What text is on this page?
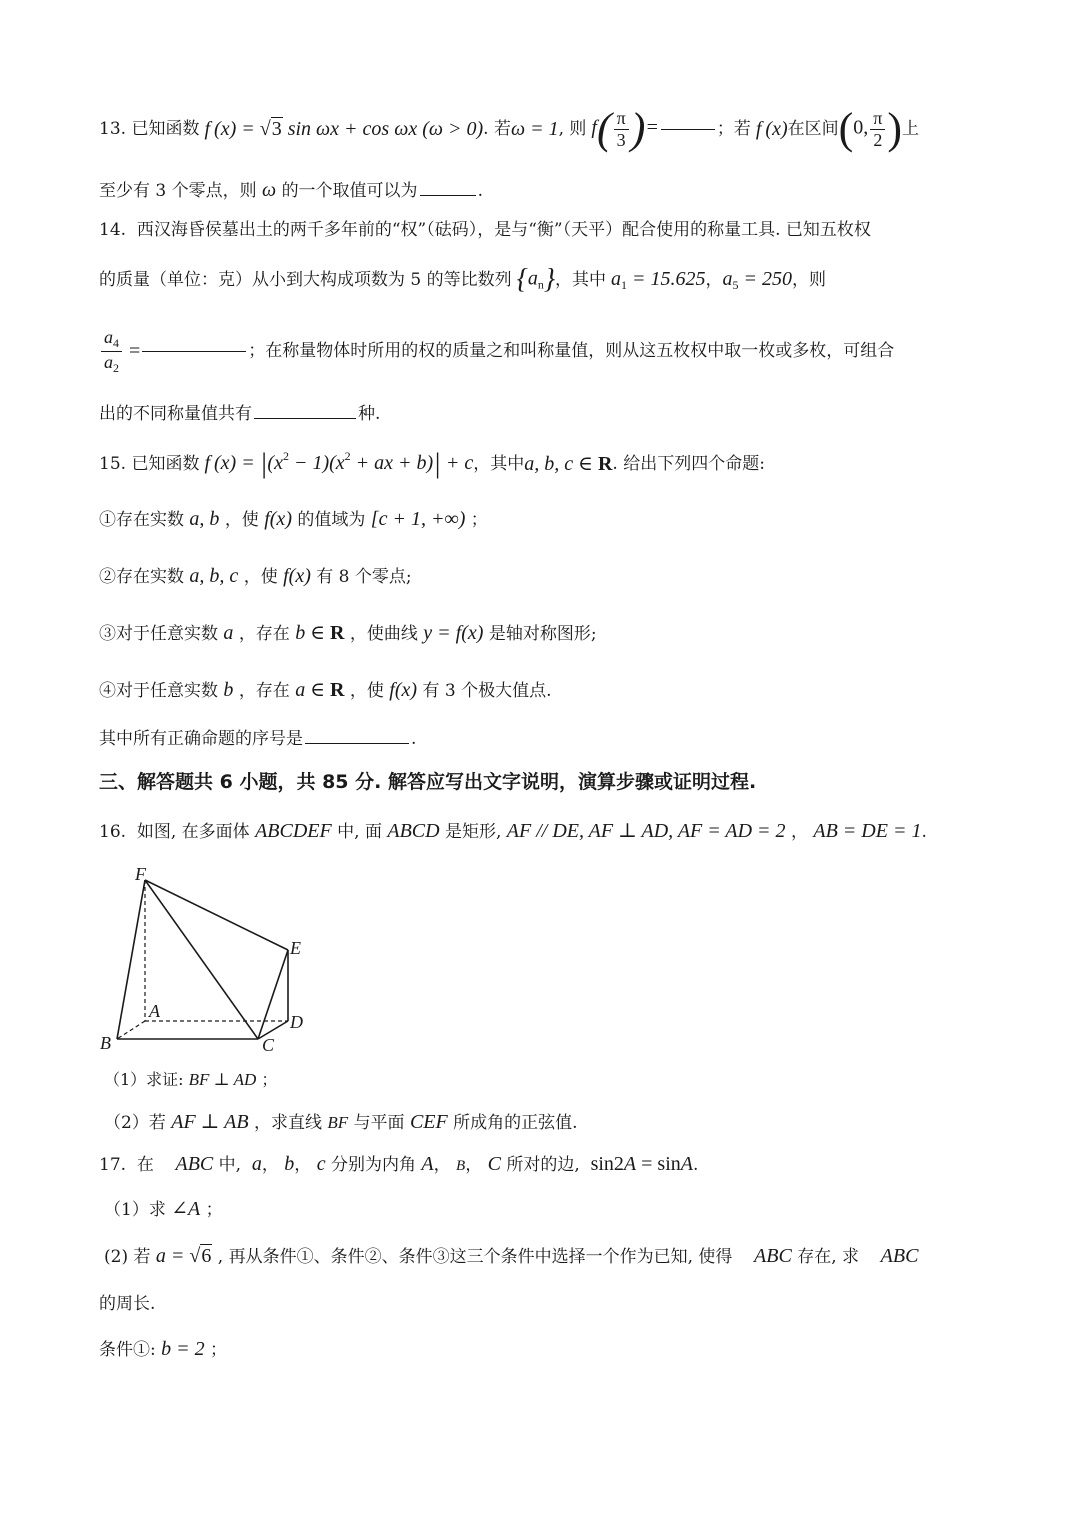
13.
已知函数 f (x) = √3 sin ωx + cos ωx (ω > 0) . 若 ω = 1 , 则 $f( \frac{\pi}{3}$ )=	；若 f (x) 在区间 (0, $\frac{\pi}{2}$ ) 上
至少有 3 个零点，则 ω 的一个取值可以为	.
14. 西汉海昏侯墓出土的两千多年前的“权”（砝码），是与“衡”（天平）配合使用的称量工具. 已知五枚权
的质量（单位：克）从小到大构成项数为 5 的等比数列 $\{a_n\}$ ，其中 $a_1 = 15.625$ ， $a_5 = 250$ ，则
$\frac{a_4}{a_2}$ =	；在称量物体时所用的权的质量之和叫称量值，则从这五枚权中取一枚或多枚，可组合
出的不同称量值共有	种.
15.
已知函数 f $(x) = |(x^2 - 1)(x^2$ + ax + b)| + c ，其中 a, b, c ∈ R . 给出下列四个命题:
①存在实数 a, b ，使 f(x) 的值域为 [c + 1, +∞) ；
②存在实数 a, b, c ，使 f(x) 有 8 个零点;
③对于任意实数 a ，存在 b ∈ R ，使曲线 y = f(x) 是轴对称图形;
④对于任意实数 b ，存在 a ∈ R ，使 f(x) 有 3 个极大值点.
其中所有正确命题的序号是	.
三、解答题共 6 小题，共 85 分. 解答应写出文字说明，演算步骤或证明过程.
16. 如图, 在多面体 ABCDEF 中, 面 ABCD 是矩形, AF // DE, AF ⊥ AD, AF = AD = 2 ， AB = DE = 1.
F
E
A
D
B	C
（1）求证: BF ⊥ AD ；
（2）若 AF ⊥ AB ，求直线 BF 与平面 CEF 所成角的正弦值.
17. 在 ABC 中, a， b， c 分别为内角 A， B， C 所对的边, sin2A = sinA.
（1）求 ∠A ；
(2) 若 a = √6 , 再从条件①、条件②、条件③这三个条件中选择一个作为已知, 使得 ABC 存在, 求 ABC
的周长.
条件①: b = 2 ；
